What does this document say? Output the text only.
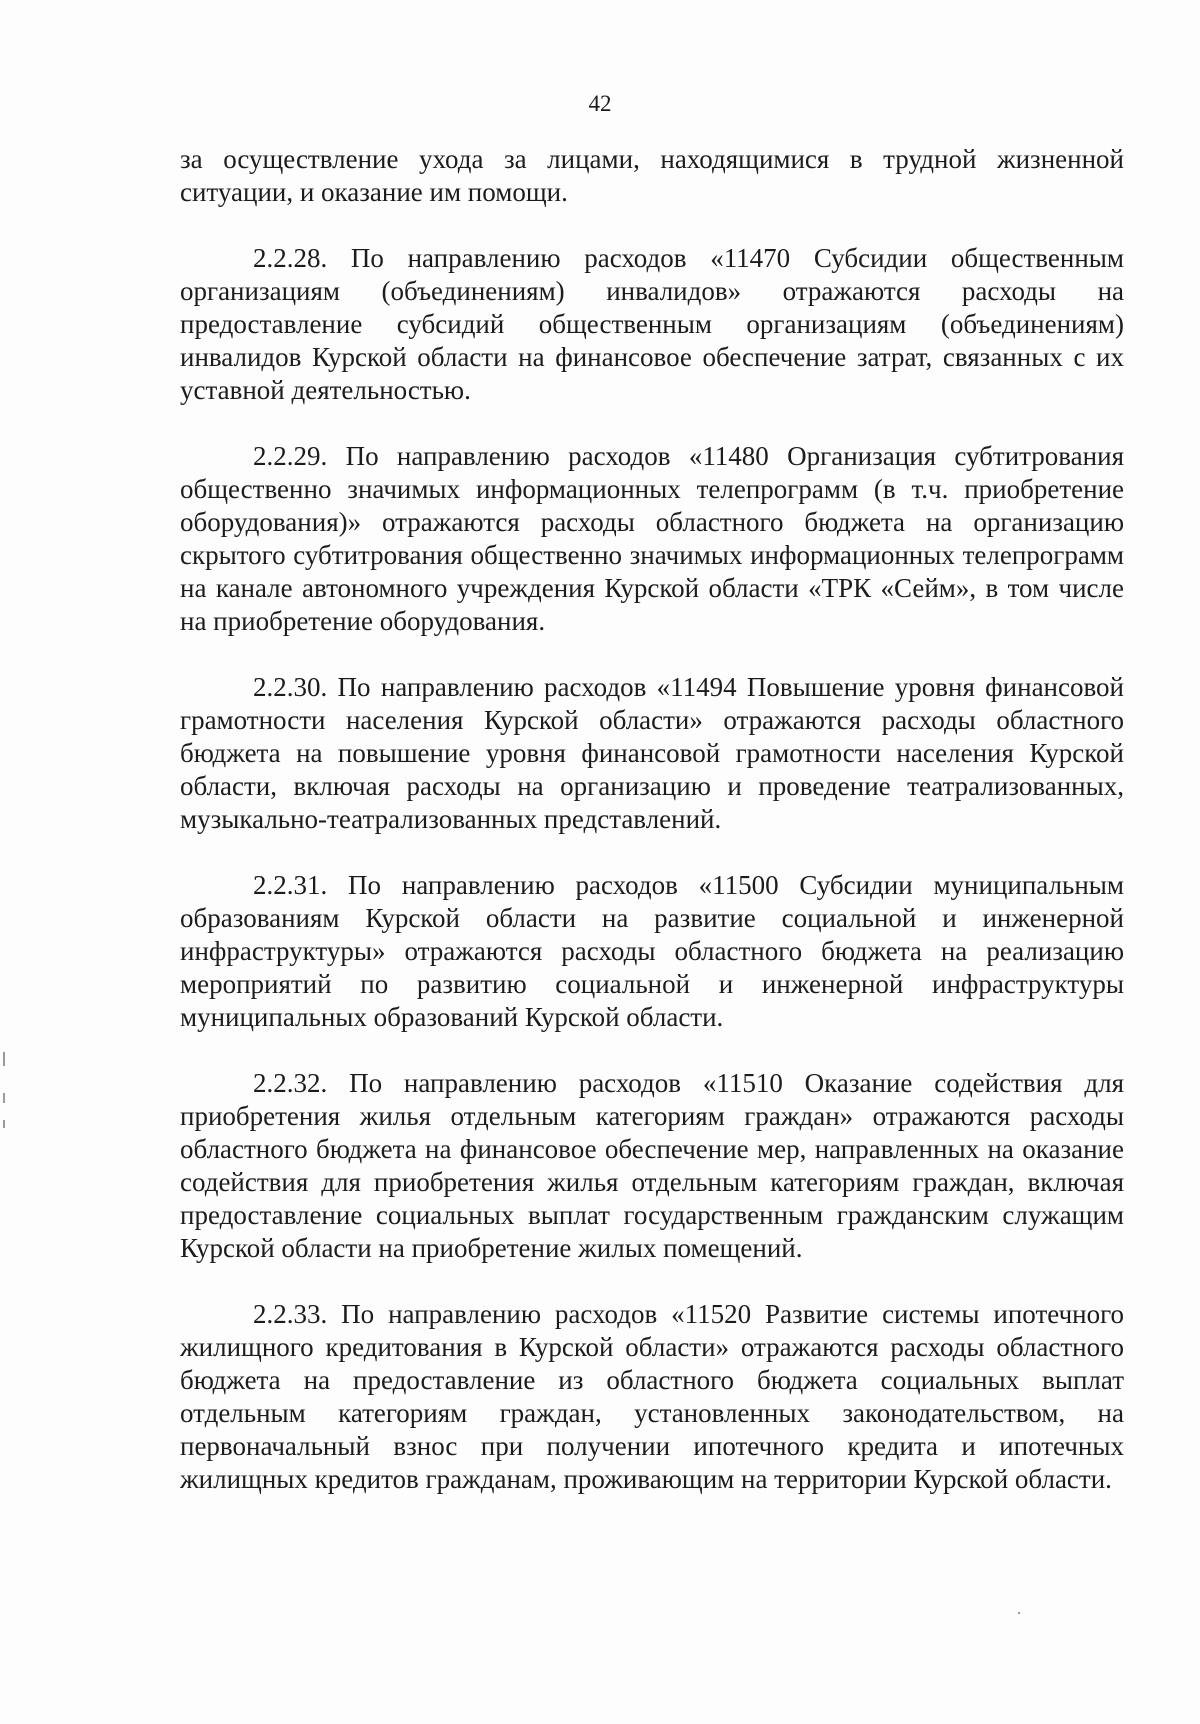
42

за осуществление ухода за лицами, находящимися в трудной жизненной ситуации, и оказание им помощи.

2.2.28. По направлению расходов «11470 Субсидии общественным организациям (объединениям) инвалидов» отражаются расходы на предоставление субсидий общественным организациям (объединениям) инвалидов Курской области на финансовое обеспечение затрат, связанных с их уставной деятельностью.

2.2.29. По направлению расходов «11480 Организация субтитрования общественно значимых информационных телепрограмм (в т.ч. приобретение оборудования)» отражаются расходы областного бюджета на организацию скрытого субтитрования общественно значимых информационных телепрограмм на канале автономного учреждения Курской области «ТРК «Сейм», в том числе на приобретение оборудования.

2.2.30. По направлению расходов «11494 Повышение уровня финансовой грамотности населения Курской области» отражаются расходы областного бюджета на повышение уровня финансовой грамотности населения Курской области, включая расходы на организацию и проведение театрализованных, музыкально-театрализованных представлений.

2.2.31. По направлению расходов «11500 Субсидии муниципальным образованиям Курской области на развитие социальной и инженерной инфраструктуры» отражаются расходы областного бюджета на реализацию мероприятий по развитию социальной и инженерной инфраструктуры муниципальных образований Курской области.

2.2.32. По направлению расходов «11510 Оказание содействия для приобретения жилья отдельным категориям граждан» отражаются расходы областного бюджета на финансовое обеспечение мер, направленных на оказание содействия для приобретения жилья отдельным категориям граждан, включая предоставление социальных выплат государственным гражданским служащим Курской области на приобретение жилых помещений.

2.2.33. По направлению расходов «11520 Развитие системы ипотечного жилищного кредитования в Курской области» отражаются расходы областного бюджета на предоставление из областного бюджета социальных выплат отдельным категориям граждан, установленных законодательством, на первоначальный взнос при получении ипотечного кредита и ипотечных жилищных кредитов гражданам, проживающим на территории Курской области.
